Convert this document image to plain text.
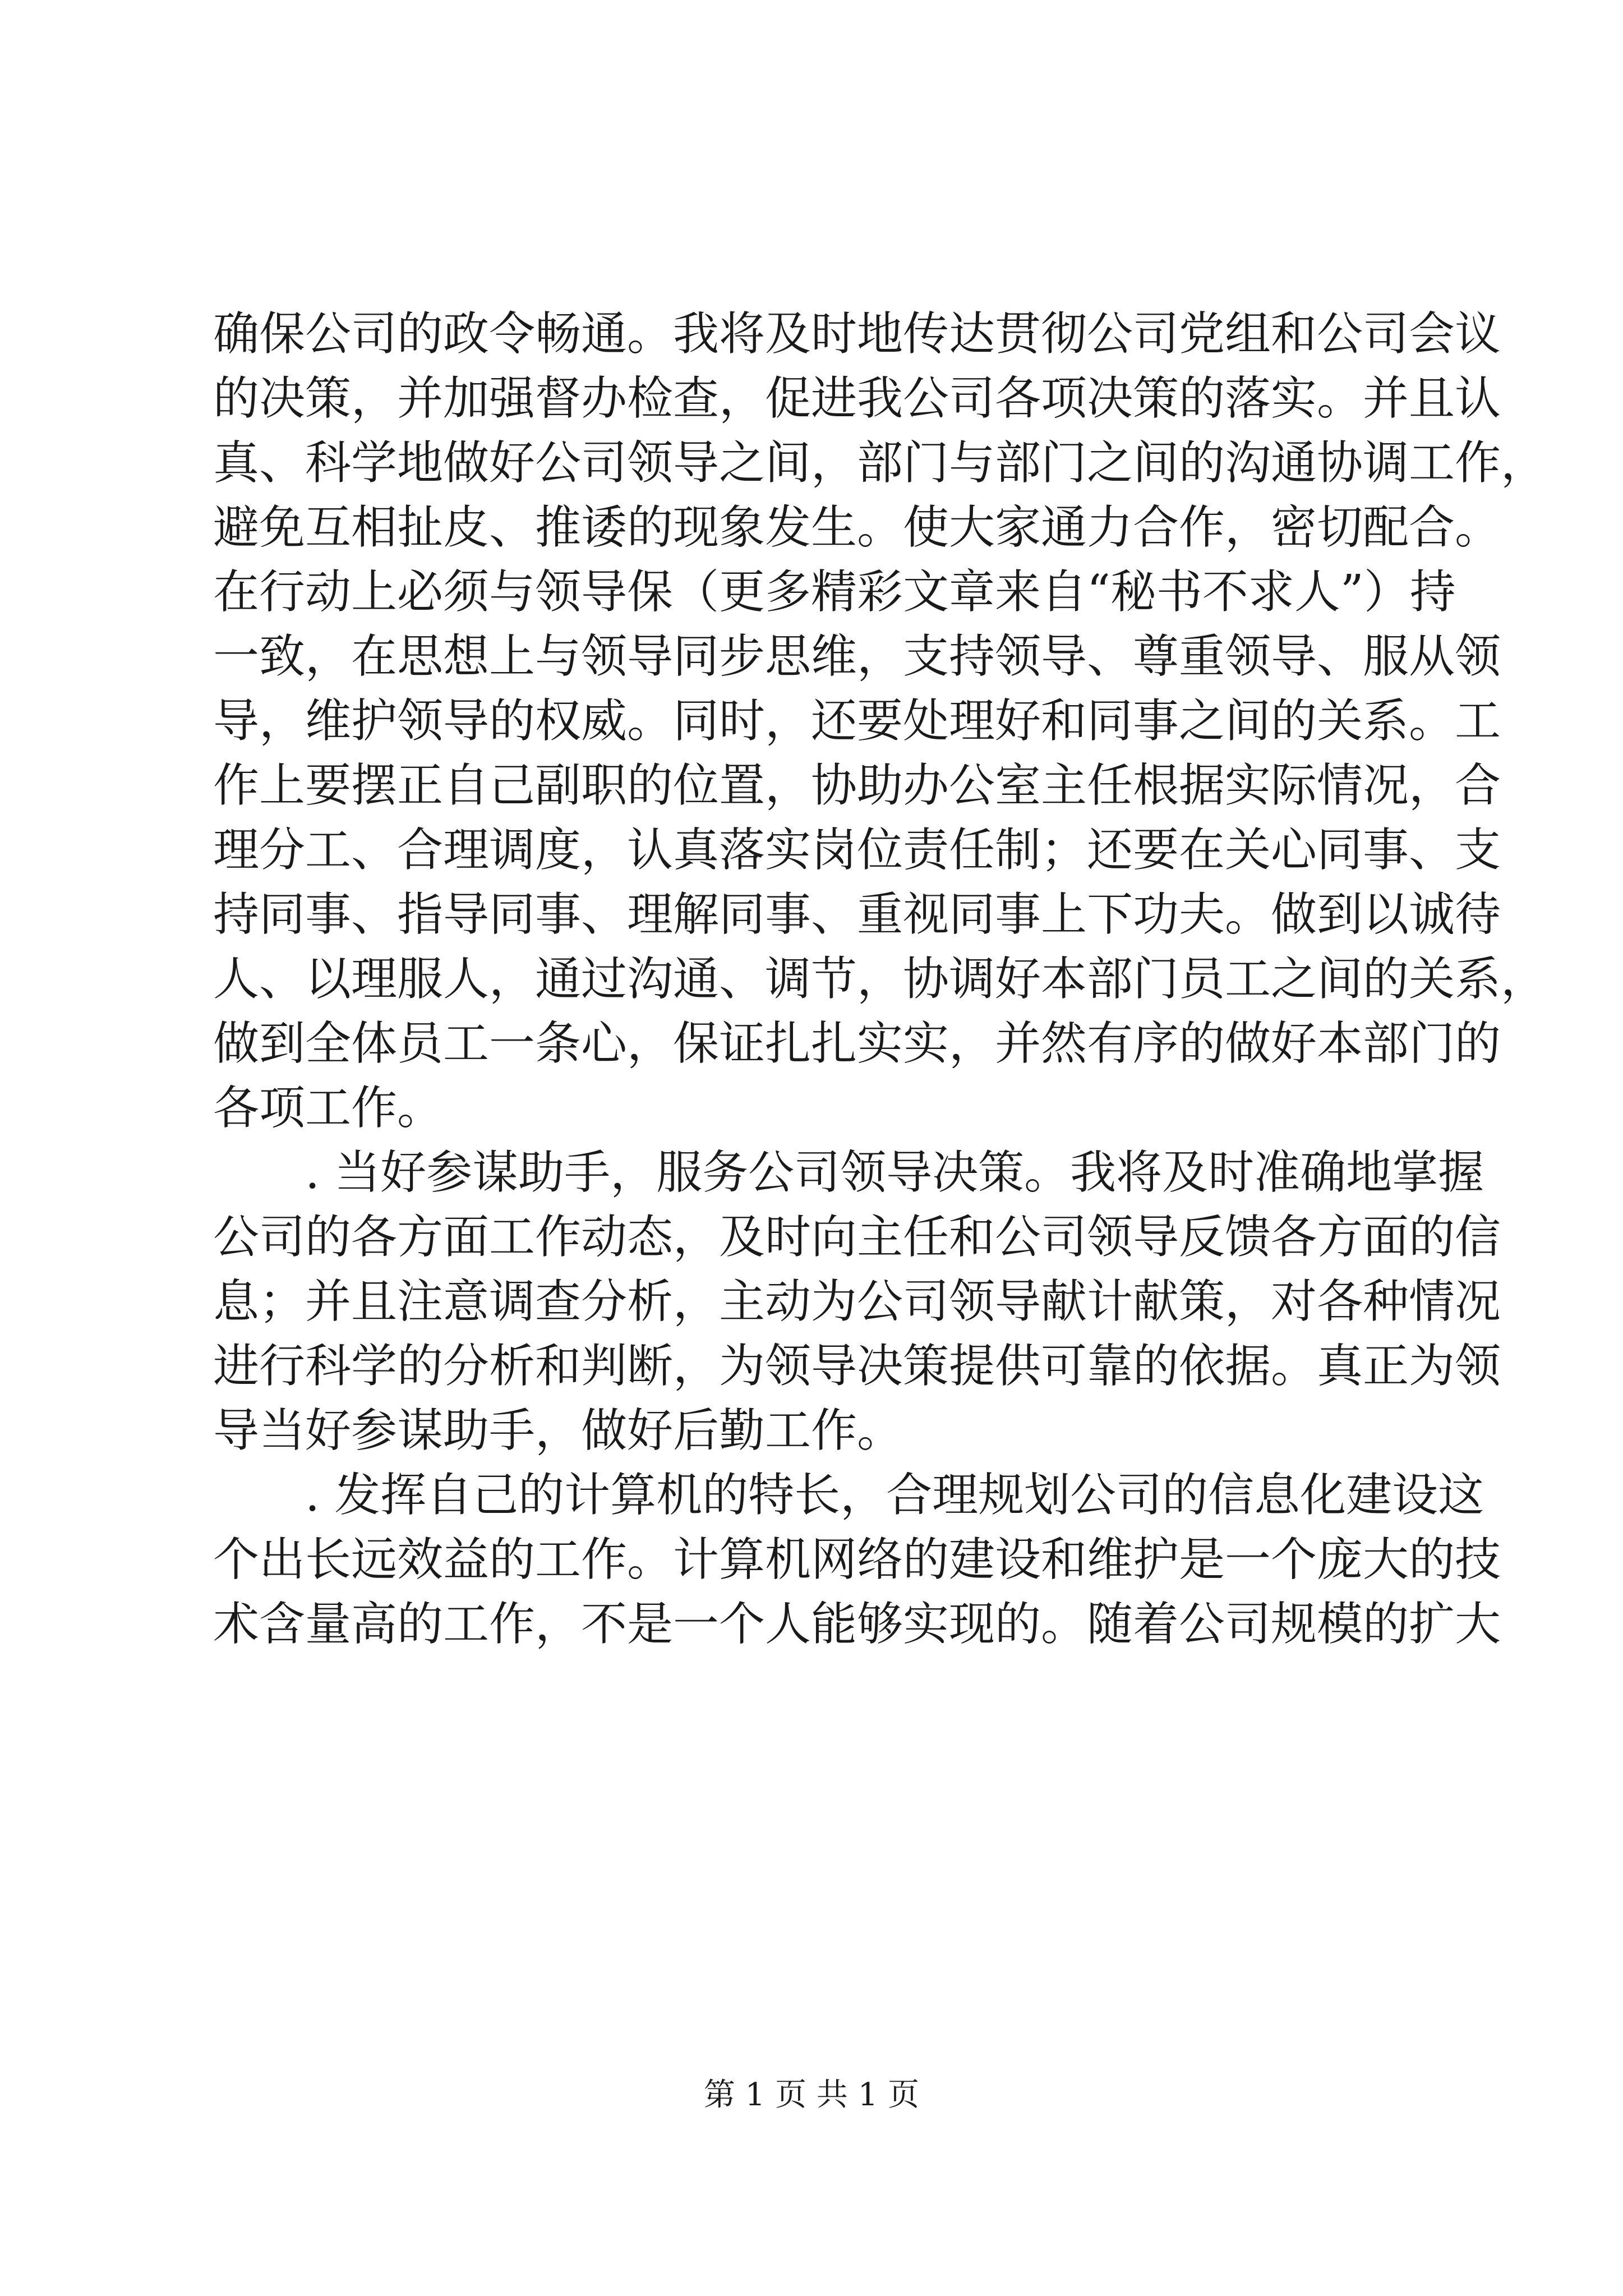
确保公司的政令畅通。我将及时地传达贯彻公司党组和公司会议

的决策，并加强督办检查，促进我公司各项决策的落实。并且认

真、科学地做好公司领导之间，部门与部门之间的沟通协调工作，

避免互相扯皮、推诿的现象发生。使大家通力合作，密切配合。

在行动上必须与领导保（更多精彩文章来自“秘书不求人”）持

一致，在思想上与领导同步思维，支持领导、尊重领导、服从领

导，维护领导的权威。同时，还要处理好和同事之间的关系。工

作上要摆正自己副职的位置，协助办公室主任根据实际情况，合

理分工、合理调度，认真落实岗位责任制；还要在关心同事、支

持同事、指导同事、理解同事、重视同事上下功夫。做到以诚待

人、以理服人，通过沟通、调节，协调好本部门员工之间的关系，

做到全体员工一条心，保证扎扎实实，并然有序的做好本部门的

各项工作。

　　. 当好参谋助手，服务公司领导决策。我将及时准确地掌握

公司的各方面工作动态，及时向主任和公司领导反馈各方面的信

息；并且注意调查分析，主动为公司领导献计献策，对各种情况

进行科学的分析和判断，为领导决策提供可靠的依据。真正为领

导当好参谋助手，做好后勤工作。

　　. 发挥自己的计算机的特长，合理规划公司的信息化建设这

个出长远效益的工作。计算机网络的建设和维护是一个庞大的技

术含量高的工作，不是一个人能够实现的。随着公司规模的扩大

第 1 页 共 1 页
